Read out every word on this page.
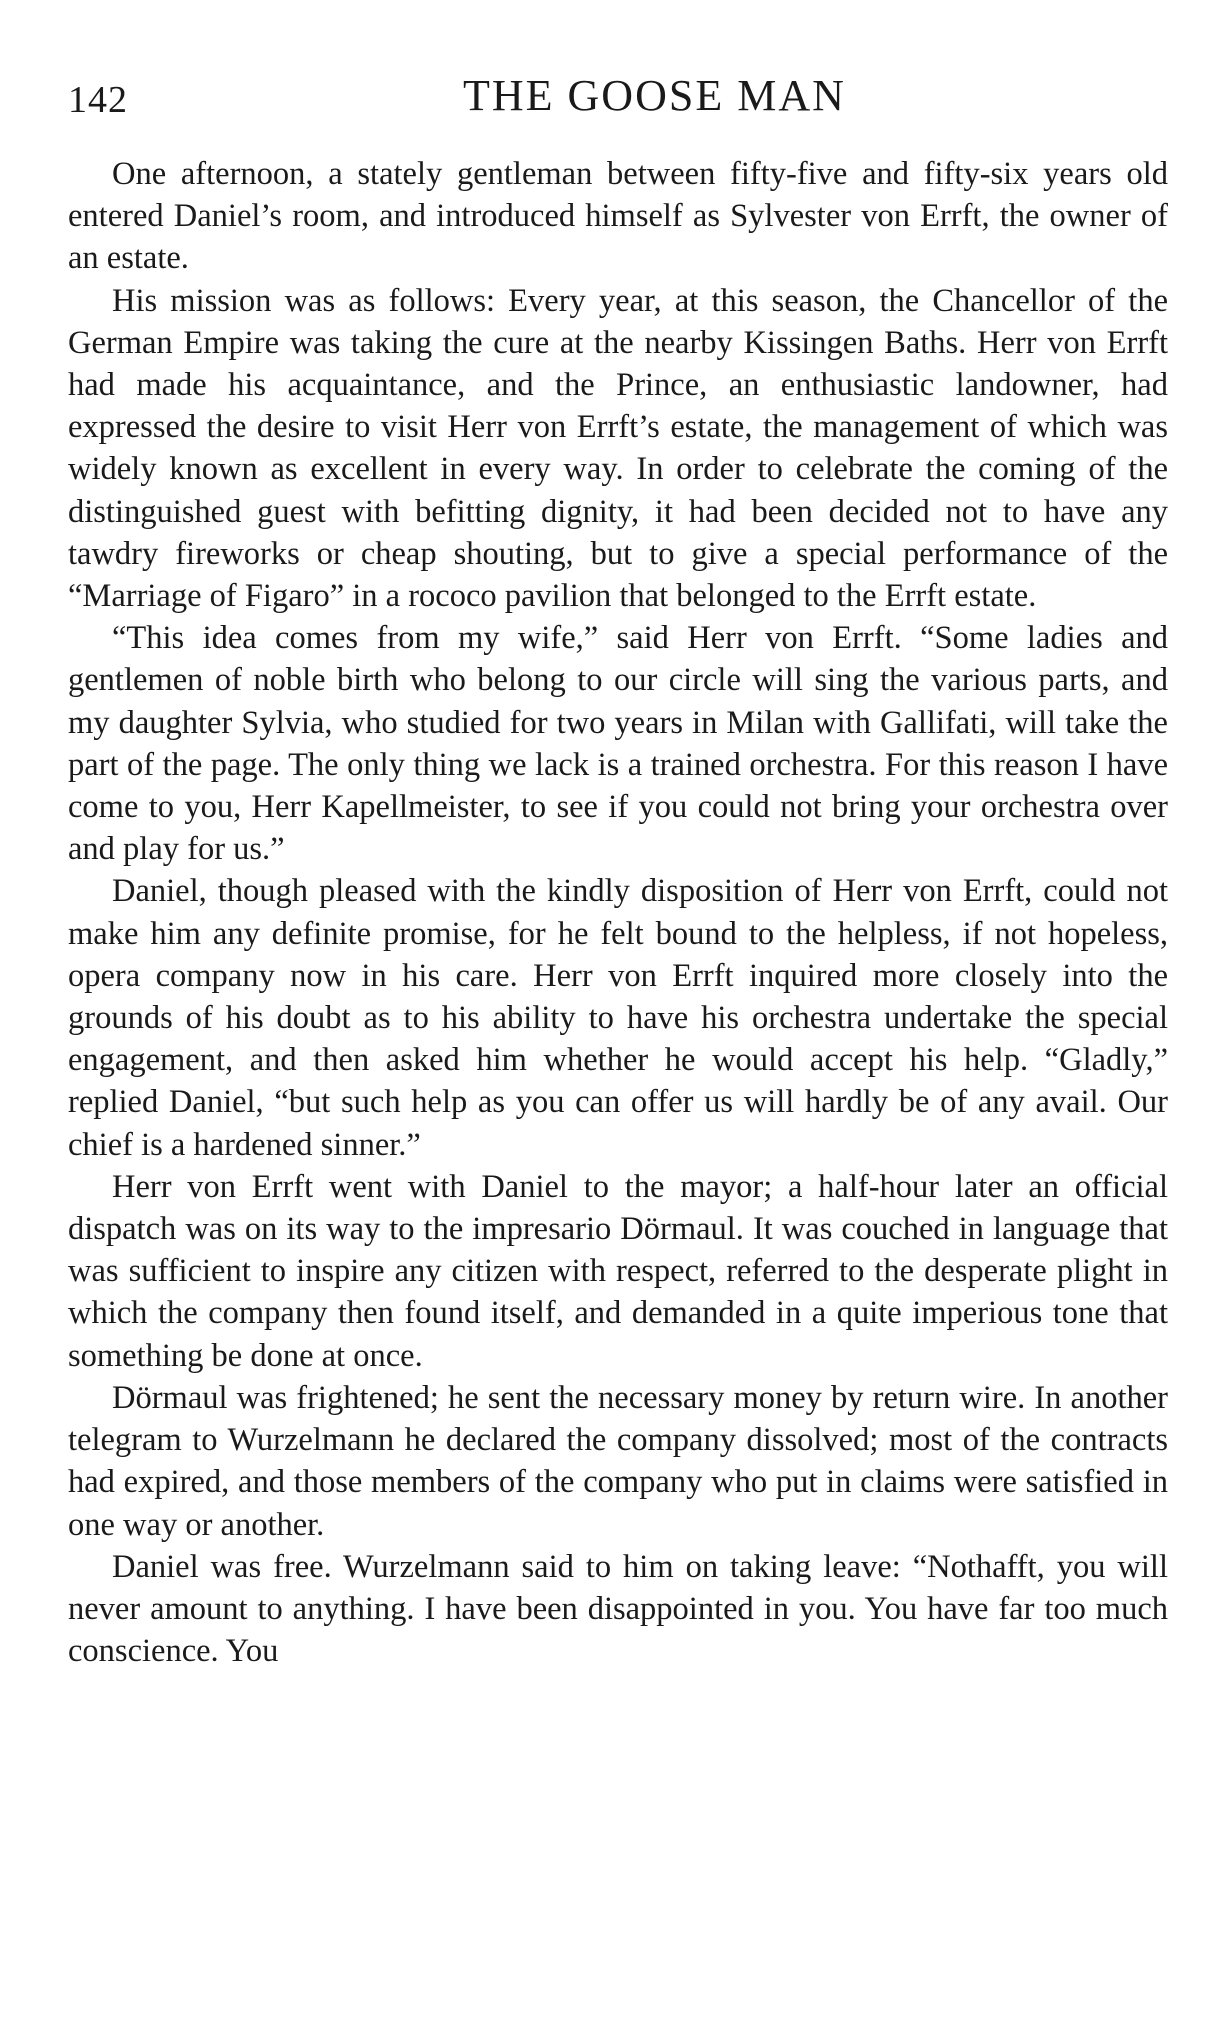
142	THE GOOSE MAN

One afternoon, a stately gentleman between fifty-five and fifty-six years old entered Daniel’s room, and introduced himself as Sylvester von Errft, the owner of an estate.

His mission was as follows: Every year, at this season, the Chancellor of the German Empire was taking the cure at the nearby Kissingen Baths. Herr von Errft had made his acquaintance, and the Prince, an enthusiastic landowner, had expressed the desire to visit Herr von Errft’s estate, the management of which was widely known as excellent in every way. In order to celebrate the coming of the distinguished guest with befitting dignity, it had been decided not to have any tawdry fireworks or cheap shouting, but to give a special performance of the “Marriage of Figaro” in a rococo pavilion that belonged to the Errft estate.

“This idea comes from my wife,” said Herr von Errft. “Some ladies and gentlemen of noble birth who belong to our circle will sing the various parts, and my daughter Sylvia, who studied for two years in Milan with Gallifati, will take the part of the page. The only thing we lack is a trained orchestra. For this reason I have come to you, Herr Kapellmeister, to see if you could not bring your orchestra over and play for us.”

Daniel, though pleased with the kindly disposition of Herr von Errft, could not make him any definite promise, for he felt bound to the helpless, if not hopeless, opera company now in his care. Herr von Errft inquired more closely into the grounds of his doubt as to his ability to have his orchestra undertake the special engagement, and then asked him whether he would accept his help. “Gladly,” replied Daniel, “but such help as you can offer us will hardly be of any avail. Our chief is a hardened sinner.”

Herr von Errft went with Daniel to the mayor; a half-hour later an official dispatch was on its way to the impresario Dörmaul. It was couched in language that was sufficient to inspire any citizen with respect, referred to the desperate plight in which the company then found itself, and demanded in a quite imperious tone that something be done at once.

Dörmaul was frightened; he sent the necessary money by return wire. In another telegram to Wurzelmann he declared the company dissolved; most of the contracts had expired, and those members of the company who put in claims were satisfied in one way or another.

Daniel was free. Wurzelmann said to him on taking leave: “Nothafft, you will never amount to anything. I have been disappointed in you. You have far too much conscience. You
